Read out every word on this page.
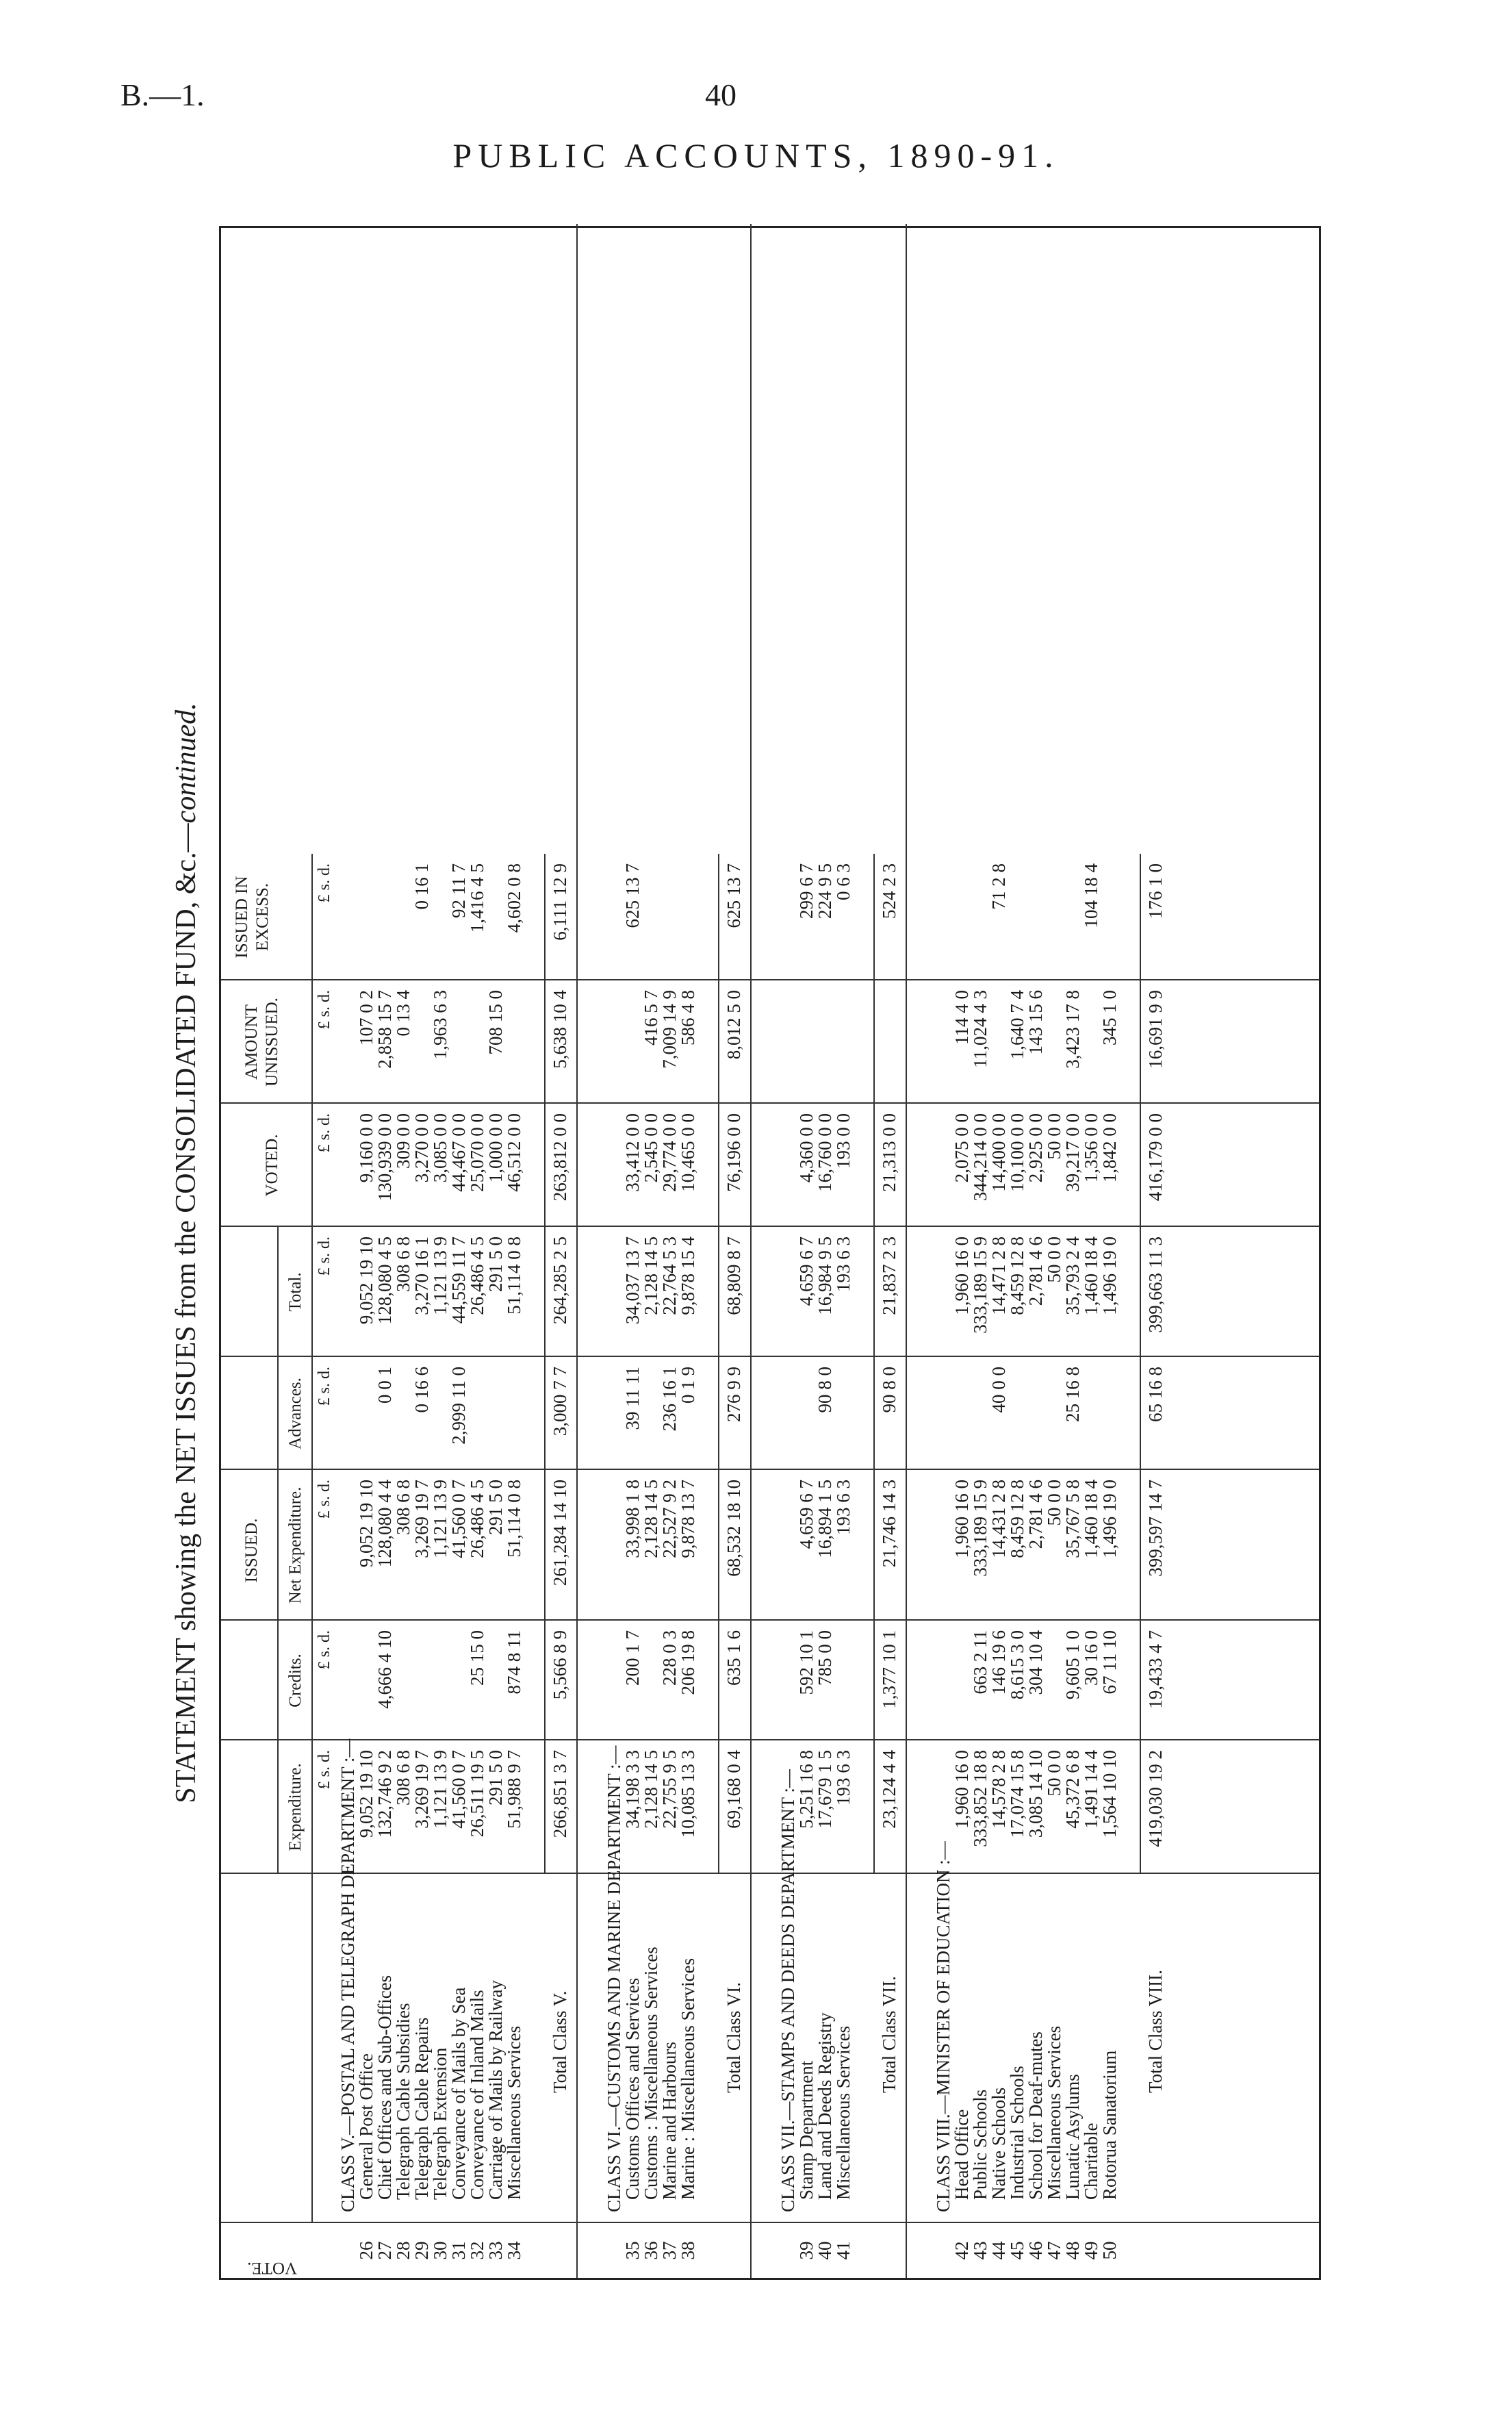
B.—1.	40
PUBLIC ACCOUNTS, 1890-91.
STATEMENT showing the NET ISSUES from the CONSOLIDATED FUND, &c.—continued.
VOTE.
ISSUED.
Expenditure.
Credits.
Net Expenditure.
Advances.
Total.
VOTED.
AMOUNT UNISSUED.
ISSUED IN EXCESS.
£ s. d.
£ s. d.
£ s. d.
£ s. d.
£ s. d.
£ s. d.
£ s. d.
£ s. d.
CLASS V.—POSTAL AND TELEGRAPH DEPARTMENT :—
26
General Post Office
9,052 19 10
9,052 19 10
9,052 19 10
9,160 0 0
107 0 2
27
Chief Offices and Sub-Offices
132,746 9 2
4,666 4 10
128,080 4 4
0 0 1
128,080 4 5
130,939 0 0
2,858 15 7
28
Telegraph Cable Subsidies
308 6 8
308 6 8
308 6 8
309 0 0
0 13 4
29
Telegraph Cable Repairs
3,269 19 7
3,269 19 7
0 16 6
3,270 16 1
3,270 0 0
0 16 1
30
Telegraph Extension
1,121 13 9
1,121 13 9
1,121 13 9
3,085 0 0
1,963 6 3
31
Conveyance of Mails by Sea
41,560 0 7
41,560 0 7
2,999 11 0
44,559 11 7
44,467 0 0
92 11 7
32
Conveyance of Inland Mails
26,511 19 5
25 15 0
26,486 4 5
26,486 4 5
25,070 0 0
1,416 4 5
33
Carriage of Mails by Railway
291 5 0
291 5 0
291 5 0
1,000 0 0
708 15 0
34
Miscellaneous Services
51,988 9 7
874 8 11
51,114 0 8
51,114 0 8
46,512 0 0
4,602 0 8
Total Class V.
266,851 3 7
5,566 8 9
261,284 14 10
3,000 7 7
264,285 2 5
263,812 0 0
5,638 10 4
6,111 12 9
CLASS VI.—CUSTOMS AND MARINE DEPARTMENT :—
35
Customs Offices and Services
34,198 3 3
200 1 7
33,998 1 8
39 11 11
34,037 13 7
33,412 0 0
625 13 7
36
Customs : Miscellaneous Services
2,128 14 5
2,128 14 5
2,128 14 5
2,545 0 0
416 5 7
37
Marine and Harbours
22,755 9 5
228 0 3
22,527 9 2
236 16 1
22,764 5 3
29,774 0 0
7,009 14 9
38
Marine : Miscellaneous Services
10,085 13 3
206 19 8
9,878 13 7
0 1 9
9,878 15 4
10,465 0 0
586 4 8
Total Class VI.
69,168 0 4
635 1 6
68,532 18 10
276 9 9
68,809 8 7
76,196 0 0
8,012 5 0
625 13 7
CLASS VII.—STAMPS AND DEEDS DEPARTMENT :—
39
Stamp Department
5,251 16 8
592 10 1
4,659 6 7
4,659 6 7
4,360 0 0
299 6 7
40
Land and Deeds Registry
17,679 1 5
785 0 0
16,894 1 5
90 8 0
16,984 9 5
16,760 0 0
224 9 5
41
Miscellaneous Services
193 6 3
193 6 3
193 6 3
193 0 0
0 6 3
Total Class VII.
23,124 4 4
1,377 10 1
21,746 14 3
90 8 0
21,837 2 3
21,313 0 0
524 2 3
CLASS VIII.—MINISTER OF EDUCATION :—
42
Head Office
1,960 16 0
1,960 16 0
1,960 16 0
2,075 0 0
114 4 0
43
Public Schools
333,852 18 8
663 2 11
333,189 15 9
333,189 15 9
344,214 0 0
11,024 4 3
44
Native Schools
14,578 2 8
146 19 6
14,431 2 8
40 0 0
14,471 2 8
14,400 0 0
71 2 8
45
Industrial Schools
17,074 15 8
8,615 3 0
8,459 12 8
8,459 12 8
10,100 0 0
1,640 7 4
46
School for Deaf-mutes
3,085 14 10
304 10 4
2,781 4 6
2,781 4 6
2,925 0 0
143 15 6
47
Miscellaneous Services
50 0 0
50 0 0
50 0 0
50 0 0
48
Lunatic Asylums
45,372 6 8
9,605 1 0
35,767 5 8
25 16 8
35,793 2 4
39,217 0 0
3,423 17 8
49
Charitable
1,491 14 4
30 16 0
1,460 18 4
1,460 18 4
1,356 0 0
104 18 4
50
Rotorua Sanatorium
1,564 10 10
67 11 10
1,496 19 0
1,496 19 0
1,842 0 0
345 1 0
Total Class VIII.
419,030 19 2
19,433 4 7
399,597 14 7
65 16 8
399,663 11 3
416,179 0 0
16,691 9 9
176 1 0
